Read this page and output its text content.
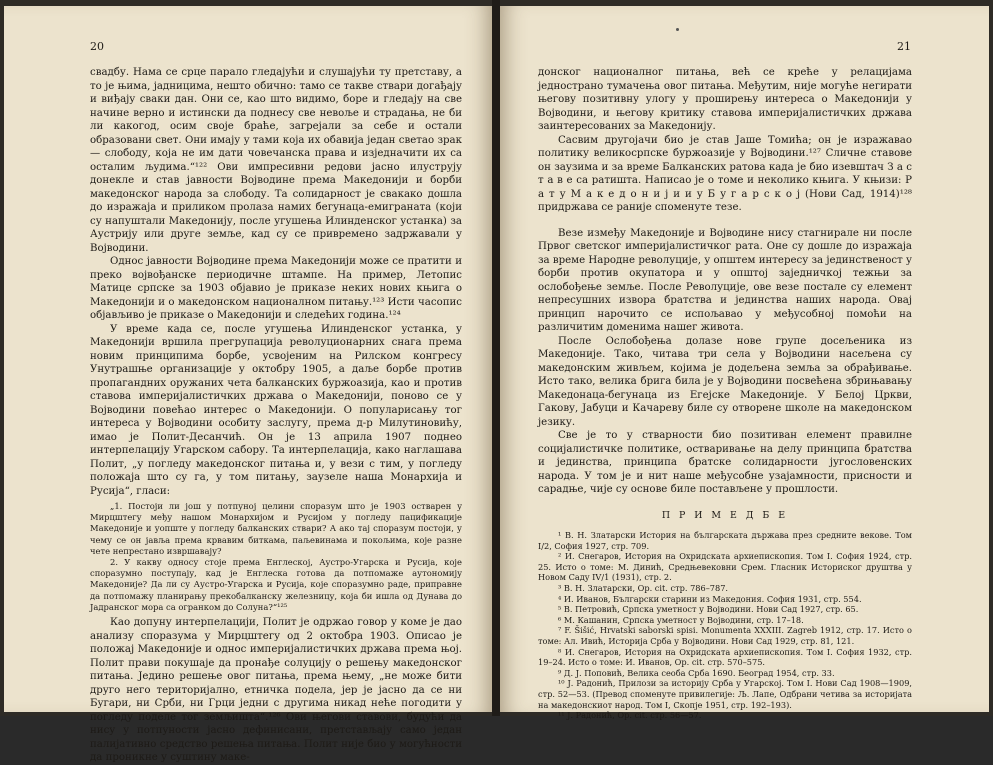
20

свадбу. Нама се срце парало гледајући и слушајући ту претставу, а то је њима, јадницима, нешто обично: тамо се такве ствари догађају и виђају сваки дан. Они се, као што видимо, боре и гледају на све начине верно и истински да поднесу све невоље и страдања, не би ли какогод, осим своје браће, загрејали за себе и остали образовани свет. Они имају у тами која их обавија један светао зрак — слободу, која не им дати човечанска права и изједначити их са осталим људима.“¹²² Ови импресивни редови јасно илуструју донекле и став јавности Војводине према Македонији и борби македонског народа за слободу. Та солидарност је свакако дошла до изражаја и приликом пролаза намих бегунаца-емиграната (који су напуштали Македонију, после угушења Илинденског устанка) за Аустрију или друге земље, кад су се привремено задржавали у Војводини.

Однос јавности Војводине према Македонији може се пратити и преко војвођанске периодичне штампе. На пример, Летопис Матице српске за 1903 објавио је прикaзе неких нових књига о Македонији и о македонском националном питању.¹²³ Исти часопис објављиво је прикaзе о Македонији и следећих година.¹²⁴

У време када се, после угушења Илинденског устанка, у Македонији вршила прегрупација револуционарних снага према новим принципима борбе, усвојеним на Рилском конгресу Унутрашње организације у октобру 1905, а даље борбе против пропагандних оружаних чета балканских буржоазија, као и против ставова империјалистичких држава о Македонији, поново се у Војводини повећао интерес о Македонији. О популарисању тог интереса у Војводини особиту заслугу, према д-р Милутиновићу, имао је Полит-Десанчић. Он је 13 априла 1907 поднео интерпелацију Угарском сабору. Та интерпелација, како наглашава Полит, „у погледу македонског питања и, у вези с тим, у погледу положаја што су га, у том питању, заузеле наша Монархија и Русија“, гласи:

„1. Постоји ли још у потпуној целини споразум што је 1903 остварен у Мирцштегу међу нашом Монархијом и Русијом у погледу пацификације Македоније и уопште у погледу балканских ствари? А ако тај споразум постоји, у чему се он јавља према крвавим биткама, паљевинама и покољима, које разне чете непрестано извршавају?

2. У какву односу стоје према Енглеској, Аустро-Угарска и Русија, које споразумно поступају, кад је Енглеска готова да потпомаже аутономију Македоније? Да ли су Аустро-Угарска и Русија, које споразумно раде, приправне да потпомажу планирању прекобалканску железницу, која би ишла од Дунава до Јадранског мора са огранком до Солуна?“¹²⁵

Као допуну интерпелацији, Полит је одржао говор у коме је дао анализу споразума у Мирцштегу од 2 октобра 1903. Описао је положај Македоније и однос империјалистичких држава према њој. Полит прави покушаје да пронађе солуцију о решењу македонског питања. Једино решење овог питања, према њему, „не може бити друго него територијално, етничка подела, јер је јасно да се ни Бугари, ни Срби, ни Грци једни с другима никад неће погодити у погледу поделе тог земљишта“.¹²⁶ Ови његови ставови, будући да нису у потпуности јасно дефинисани, претстављају само један палијативно средство решења питања. Полит није био у могућности да проникне у суштину маке-

21

донског националног питања, већ се креће у релацијама једнострано тумачења овог питања. Међутим, није могуће негирати његову позитивну улогу у проширењу интереса о Македонији у Војводини, и његову критику ставова империјалистичких држава заинтересованих за Македонију.

Сасвим другојачи био је став Јаше Томића; он је изражавао политику великосрпске буржоазије у Војводини.¹²⁷ Сличне ставове он заузима и за време Балканских ратова када је био изевштач З а с т а в е са ратишта. Написао је о томе и неколико књига. У књизи: Р а т у М а к е д о н и ј и и у Б у г а р с к о ј (Нови Сад, 1914)¹²⁸ придржава се раније споменуте тезе.

Везе између Македоније и Војводине нису стагнирале ни после Првог светског империјалистичког рата. Оне су дошле до изражаја за време Народне револуције, у општем интересу за јединственост у борби против окупатора и у општој заједничкој тежњи за ослобођење земље. После Револуције, ове везе постале су елемент непресушних извора братства и јединства наших народа. Овај принцип нарочито се испољавао у међусобној помоћи на различитим доменима нашег живота.

После Ослобођења долазе нове групе досељеника из Македоније. Тако, читава три села у Војводини насељена су македонским живљем, којима је додељена земља за обрађивање. Исто тако, велика брига била је у Војводини посвећена збрињавању Македонаца-бегунаца из Егејске Македоније. У Белој Цркви, Гакову, Јабуци и Качареву биле су отворене школе на македонском језику.

Све је то у стварности био позитиван елемент правилне социјалистичке политике, остваривање на делу принципа братства и јединства, принципа братске солидарности југословенских народа. У том је и нит наше међусобне узајамности, присности и сарадње, чије су основе биле постављене у прошлости.

П Р И М Е Д Б Е

¹ В. Н. Златарски История на българската държава през средните векове. Том I/2, София 1927, стр. 709.

² И. Снегаров, История на Охридската архиепископия. Том I. София 1924, стр. 25. Исто о томе: М. Динић, Средњевековни Срем. Гласник Историског друштва у Новом Саду IV/1 (1931), стр. 2.

³ В. Н. Златарски, Op. cit. стр. 786–787.

⁴ И. Иванов, Български старини из Македония. София 1931, стр. 554.

⁵ В. Петровић, Српска уметност у Војводини. Нови Сад 1927, стр. 65.

⁶ М. Кашанин, Српска уметност у Војводини, стр. 17–18.

⁷ F. Šišić, Hrvatski saborski spisi. Monumenta XXXIII. Zagreb 1912, стр. 17. Исто о томе: Ал. Ивић, Историја Срба у Војводини. Нови Сад 1929, стр. 81, 121.

⁸ И. Снегаров, История на Охридската архиепископия. Том I. София 1932, стр. 19–24. Исто о томе: И. Иванов, Op. cit. стр. 570–575.

⁹ Д. Ј. Поповић, Велика сеоба Срба 1690. Београд 1954, стр. 33.

¹⁰ Ј. Радонић, Прилози за историју Срба у Угарској. Том I. Нови Сад 1908—1909, стр. 52—53. (Превод споменуте привилегије: Љ. Лапе, Одбрани четива за историјата на македонскиот народ. Том I, Скопје 1951, стр. 192–193).

¹¹ Ј. Радонић, Op. cit. стр. 56—57.
